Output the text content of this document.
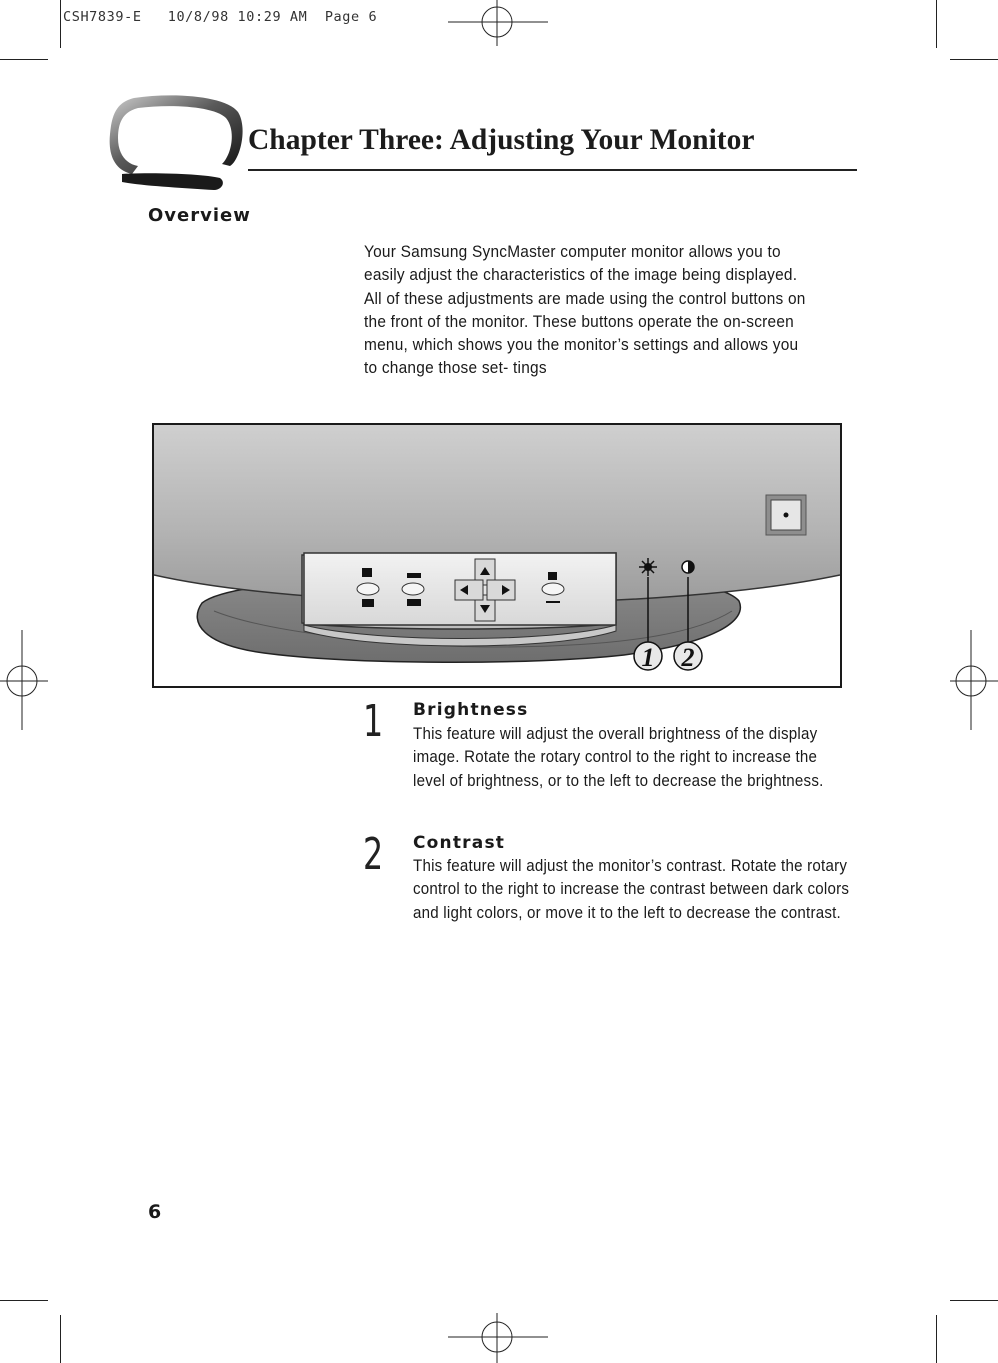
CSH7839-E   10/8/98 10:29 AM  Page 6
Chapter Three: Adjusting Your Monitor
Overview
Your Samsung SyncMaster computer monitor allows you to easily adjust the characteristics of the image being displayed. All of these adjustments are made using the control buttons on the front of the monitor. These buttons operate the on-screen menu, which shows you the monitor’s settings and allows you to change those set- tings
1 2
1 Brightness
This feature will adjust the overall brightness of the display image. Rotate the rotary control to the right to increase the level of brightness, or to the left to decrease the brightness.
2 Contrast
This feature will adjust the monitor’s contrast. Rotate the rotary control to the right to increase the contrast between dark colors and light colors, or move it to the left to decrease the contrast.
6
